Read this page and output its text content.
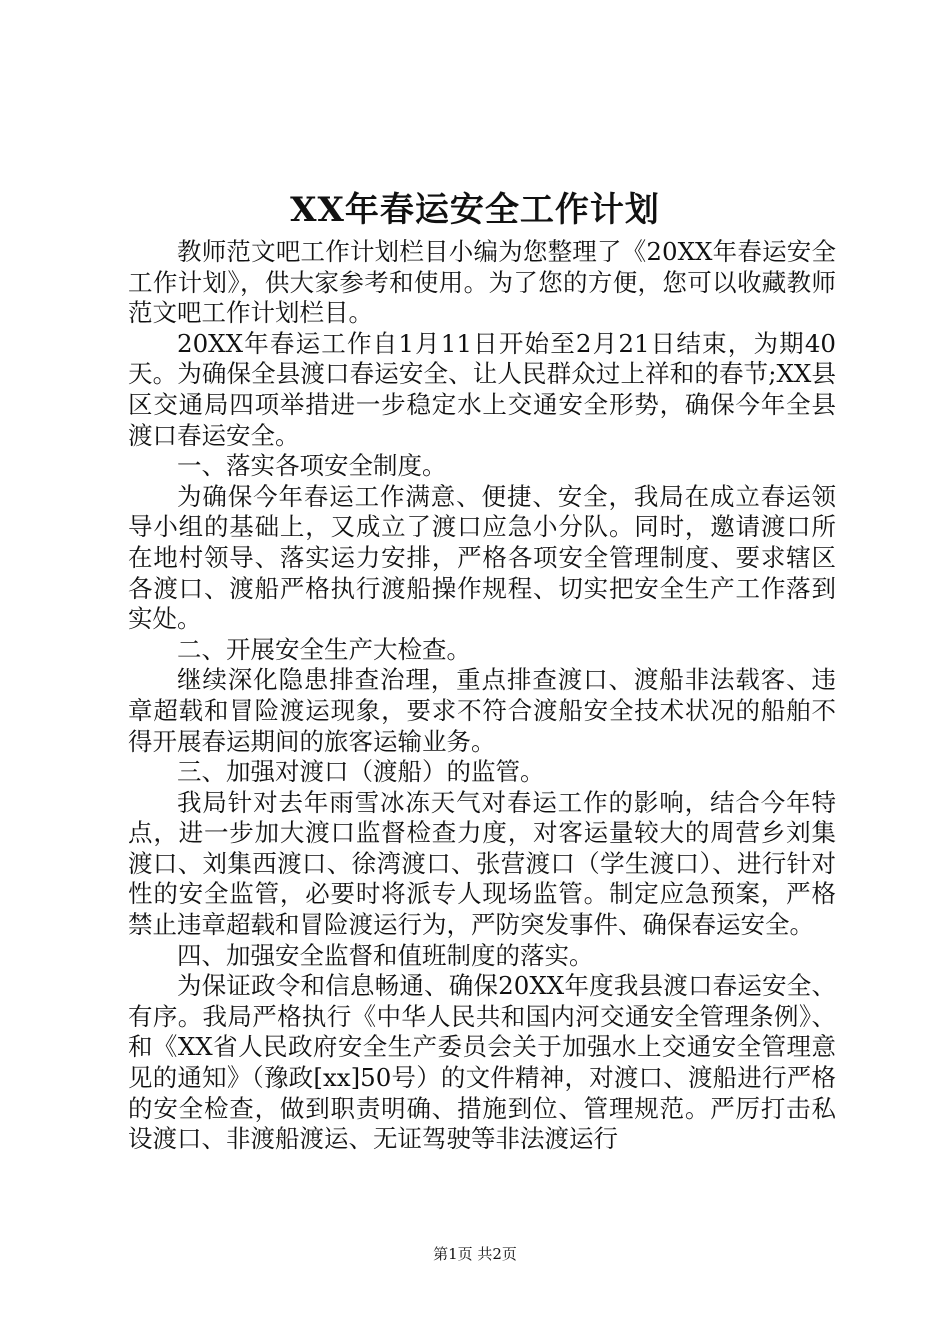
XX年春运安全工作计划

教师范文吧工作计划栏目小编为您整理了《20XX年春运安全工作计划》，供大家参考和使用。为了您的方便，您可以收藏教师范文吧工作计划栏目。

20XX年春运工作自1月11日开始至2月21日结束，为期40天。为确保全县渡口春运安全、让人民群众过上祥和的春节;XX县区交通局四项举措进一步稳定水上交通安全形势，确保今年全县渡口春运安全。

一、落实各项安全制度。

为确保今年春运工作满意、便捷、安全，我局在成立春运领导小组的基础上，又成立了渡口应急小分队。同时，邀请渡口所在地村领导、落实运力安排，严格各项安全管理制度、要求辖区各渡口、渡船严格执行渡船操作规程、切实把安全生产工作落到实处。

二、开展安全生产大检查。

继续深化隐患排查治理，重点排查渡口、渡船非法载客、违章超载和冒险渡运现象，要求不符合渡船安全技术状况的船舶不得开展春运期间的旅客运输业务。

三、加强对渡口（渡船）的监管。

我局针对去年雨雪冰冻天气对春运工作的影响，结合今年特点，进一步加大渡口监督检查力度，对客运量较大的周营乡刘集渡口、刘集西渡口、徐湾渡口、张营渡口（学生渡口）、进行针对性的安全监管，必要时将派专人现场监管。制定应急预案，严格禁止违章超载和冒险渡运行为，严防突发事件、确保春运安全。

四、加强安全监督和值班制度的落实。

为保证政令和信息畅通、确保20XX年度我县渡口春运安全、有序。我局严格执行《中华人民共和国内河交通安全管理条例》、和《XX省人民政府安全生产委员会关于加强水上交通安全管理意见的通知》（豫政[xx]50号）的文件精神，对渡口、渡船进行严格的安全检查，做到职责明确、措施到位、管理规范。严厉打击私设渡口、非渡船渡运、无证驾驶等非法渡运行

第1页 共2页
